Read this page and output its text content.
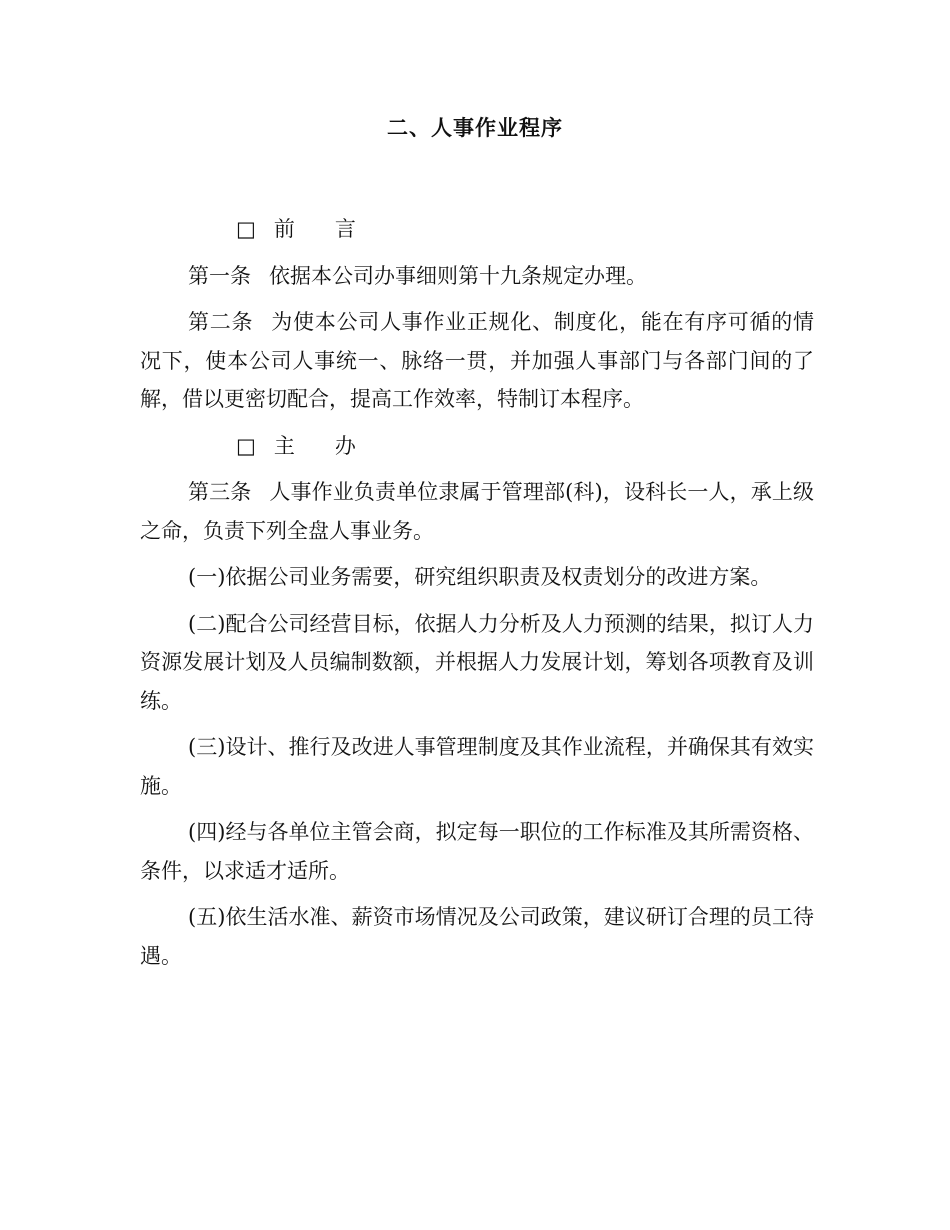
二、人事作业程序
□ 前言

第一条 依据本公司办事细则第十九条规定办理。

第二条 为使本公司人事作业正规化、制度化，能在有序可循的情况下，使本公司人事统一、脉络一贯，并加强人事部门与各部门间的了解，借以更密切配合，提高工作效率，特制订本程序。

□ 主办

第三条 人事作业负责单位隶属于管理部(科)，设科长一人，承上级之命，负责下列全盘人事业务。

(一)依据公司业务需要，研究组织职责及权责划分的改进方案。

(二)配合公司经营目标，依据人力分析及人力预测的结果，拟订人力资源发展计划及人员编制数额，并根据人力发展计划，筹划各项教育及训练。

(三)设计、推行及改进人事管理制度及其作业流程，并确保其有效实施。

(四)经与各单位主管会商，拟定每一职位的工作标准及其所需资格、条件，以求适才适所。

(五)依生活水准、薪资市场情况及公司政策，建议研订合理的员工待遇。
